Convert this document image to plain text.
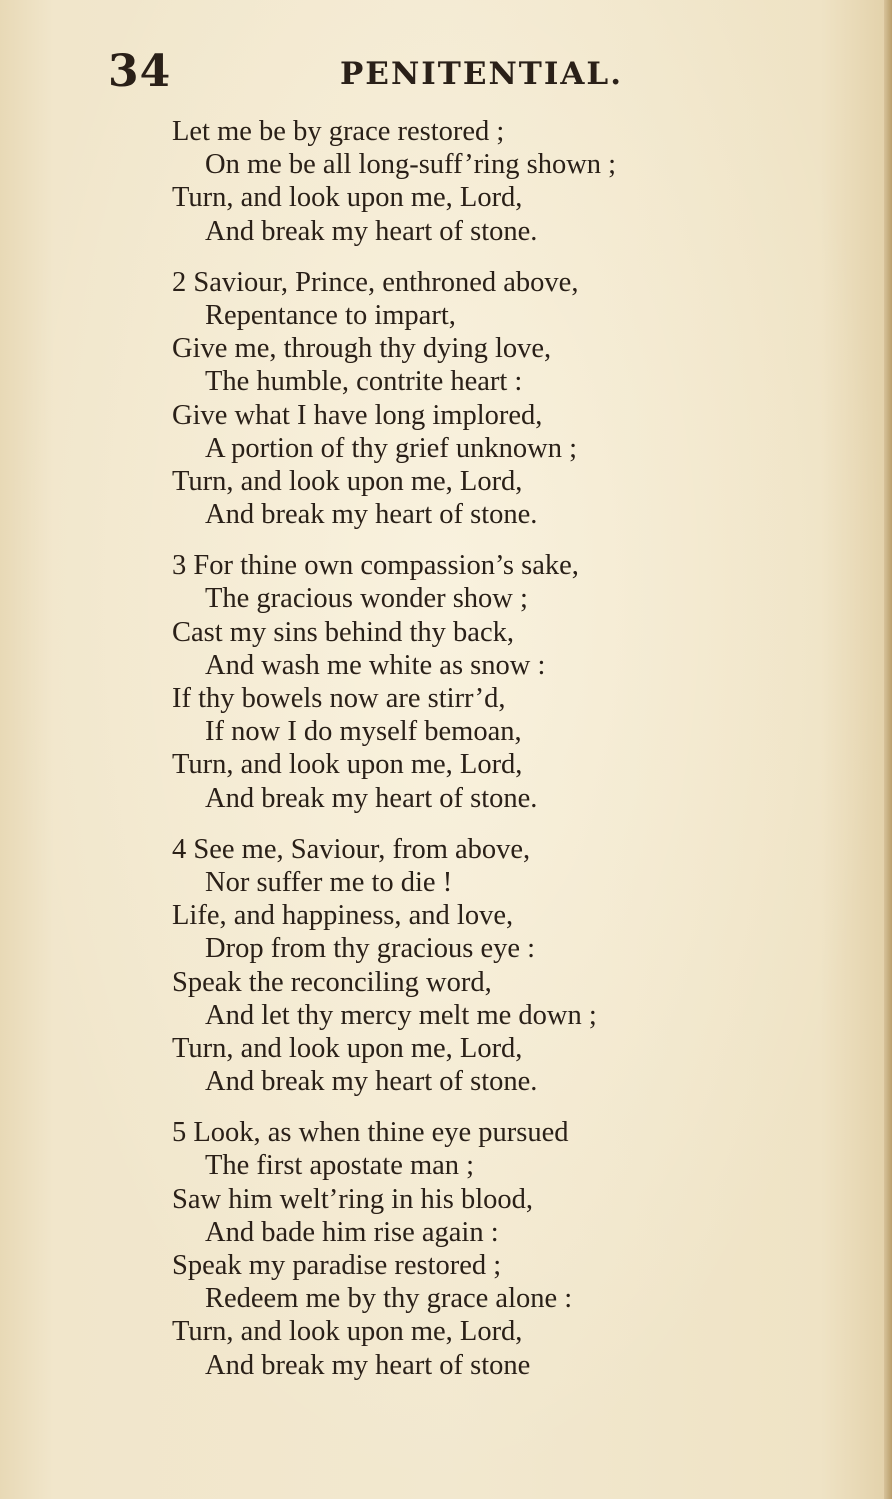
34	PENITENTIAL.
Let me be by grace restored ;
On me be all long-suff’ring shown ;
Turn, and look upon me, Lord,
And break my heart of stone.
2 Saviour, Prince, enthroned above,
Repentance to impart,
Give me, through thy dying love,
The humble, contrite heart :
Give what I have long implored,
A portion of thy grief unknown ;
Turn, and look upon me, Lord,
And break my heart of stone.
3 For thine own compassion’s sake,
The gracious wonder show ;
Cast my sins behind thy back,
And wash me white as snow :
If thy bowels now are stirr’d,
If now I do myself bemoan,
Turn, and look upon me, Lord,
And break my heart of stone.
4 See me, Saviour, from above,
Nor suffer me to die !
Life, and happiness, and love,
Drop from thy gracious eye :
Speak the reconciling word,
And let thy mercy melt me down ;
Turn, and look upon me, Lord,
And break my heart of stone.
5 Look, as when thine eye pursued
The first apostate man ;
Saw him welt’ring in his blood,
And bade him rise again :
Speak my paradise restored ;
Redeem me by thy grace alone :
Turn, and look upon me, Lord,
And break my heart of stone
